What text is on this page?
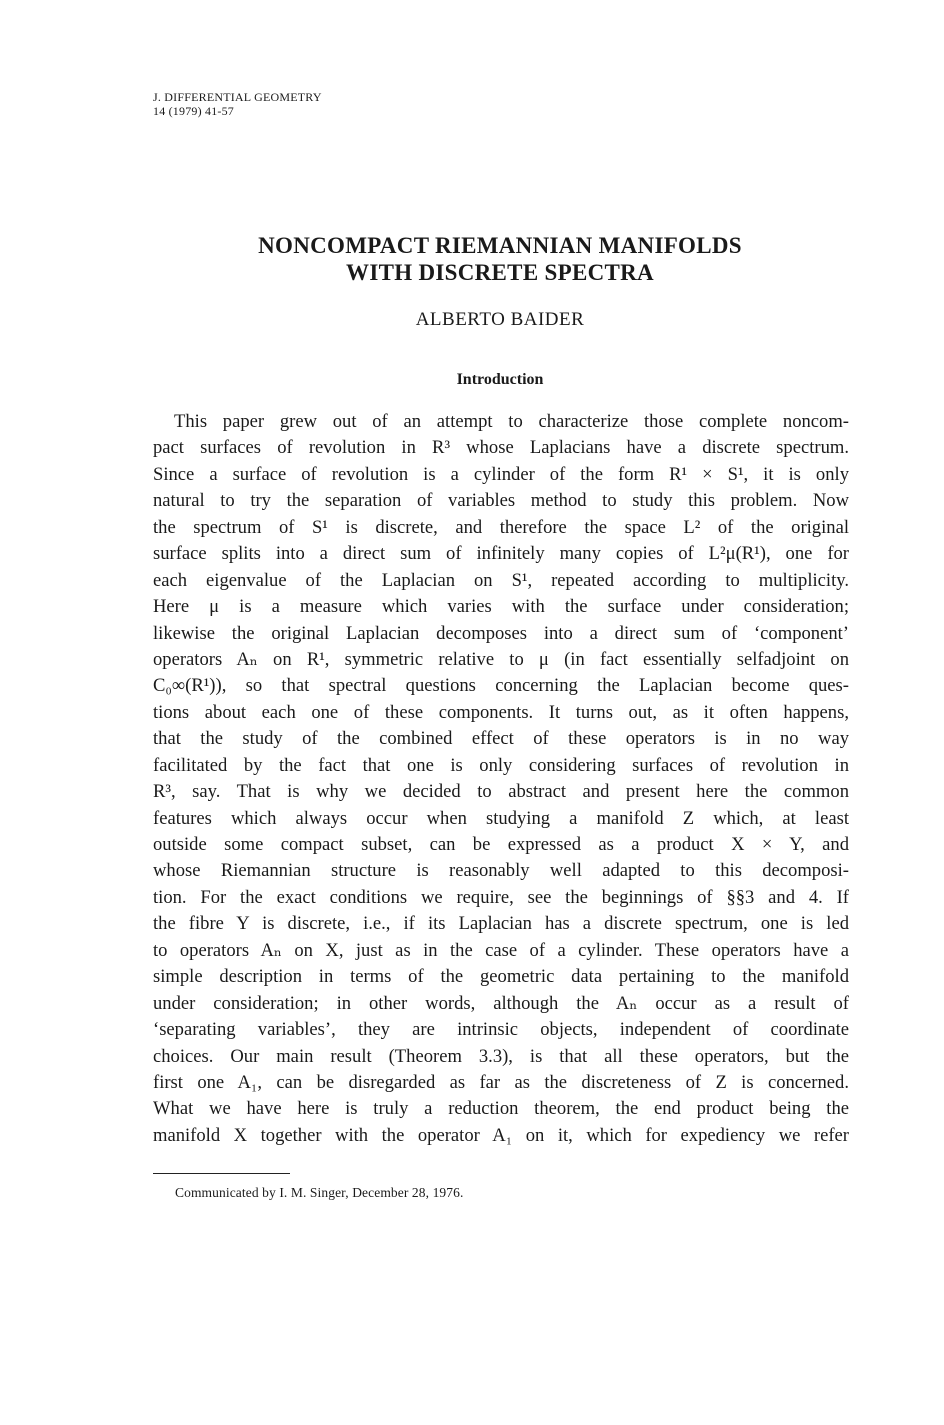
J. DIFFERENTIAL GEOMETRY
14 (1979) 41-57
NONCOMPACT RIEMANNIAN MANIFOLDS
WITH DISCRETE SPECTRA
ALBERTO BAIDER
Introduction
This paper grew out of an attempt to characterize those complete noncom-
pact surfaces of revolution in R³ whose Laplacians have a discrete spectrum.
Since a surface of revolution is a cylinder of the form R¹ × S¹, it is only
natural to try the separation of variables method to study this problem. Now
the spectrum of S¹ is discrete, and therefore the space L² of the original
surface splits into a direct sum of infinitely many copies of L²μ(R¹), one for
each eigenvalue of the Laplacian on S¹, repeated according to multiplicity.
Here μ is a measure which varies with the surface under consideration;
likewise the original Laplacian decomposes into a direct sum of ‘component’
operators Aₙ on R¹, symmetric relative to μ (in fact essentially selfadjoint on
C₀∞(R¹)), so that spectral questions concerning the Laplacian become ques-
tions about each one of these components. It turns out, as it often happens,
that the study of the combined effect of these operators is in no way
facilitated by the fact that one is only considering surfaces of revolution in
R³, say. That is why we decided to abstract and present here the common
features which always occur when studying a manifold Z which, at least
outside some compact subset, can be expressed as a product X × Y, and
whose Riemannian structure is reasonably well adapted to this decomposi-
tion. For the exact conditions we require, see the beginnings of §§3 and 4. If
the fibre Y is discrete, i.e., if its Laplacian has a discrete spectrum, one is led
to operators Aₙ on X, just as in the case of a cylinder. These operators have a
simple description in terms of the geometric data pertaining to the manifold
under consideration; in other words, although the Aₙ occur as a result of
‘separating variables’, they are intrinsic objects, independent of coordinate
choices. Our main result (Theorem 3.3), is that all these operators, but the
first one A₁, can be disregarded as far as the discreteness of Z is concerned.
What we have here is truly a reduction theorem, the end product being the
manifold X together with the operator A₁ on it, which for expediency we refer
Communicated by I. M. Singer, December 28, 1976.
